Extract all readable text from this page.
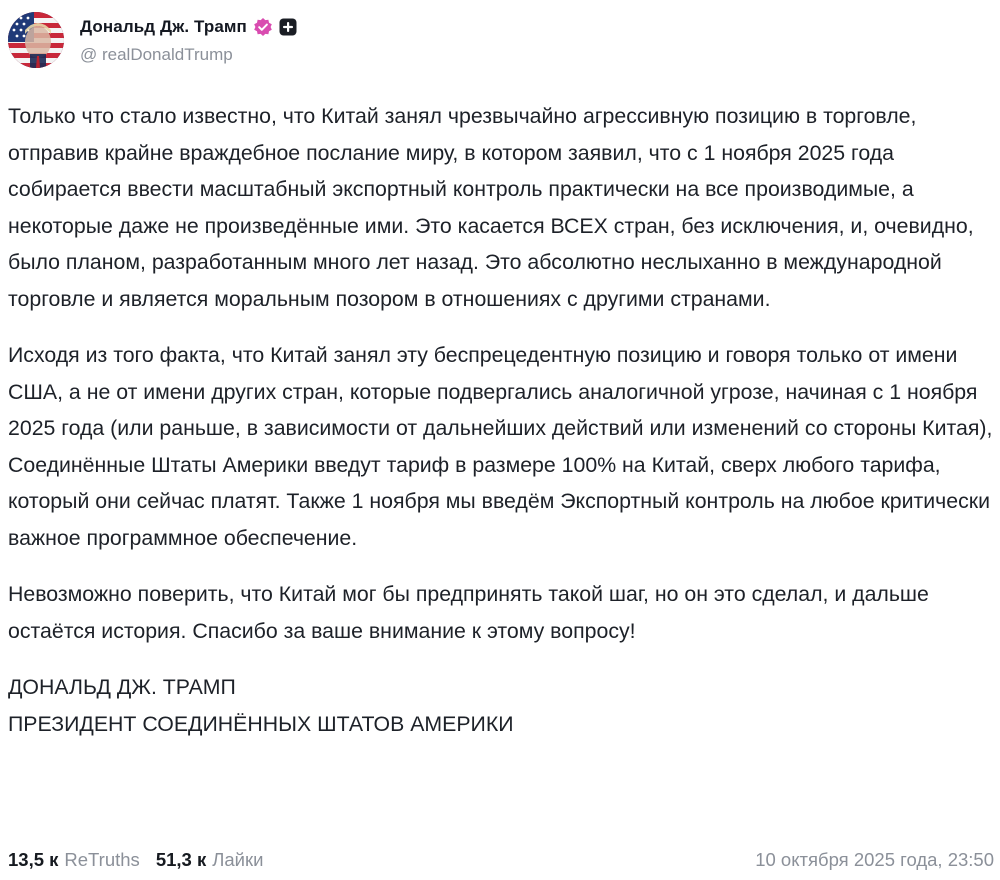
Дональд Дж. Трамп
@ realDonaldTrump

Только что стало известно, что Китай занял чрезвычайно агрессивную позицию в торговле, отправив крайне враждебное послание миру, в котором заявил, что с 1 ноября 2025 года собирается ввести масштабный экспортный контроль практически на все производимые, а некоторые даже не произведённые ими. Это касается ВСЕХ стран, без исключения, и, очевидно, было планом, разработанным много лет назад. Это абсолютно неслыханно в международной торговле и является моральным позором в отношениях с другими странами.

Исходя из того факта, что Китай занял эту беспрецедентную позицию и говоря только от имени США, а не от имени других стран, которые подвергались аналогичной угрозе, начиная с 1 ноября 2025 года (или раньше, в зависимости от дальнейших действий или изменений со стороны Китая), Соединённые Штаты Америки введут тариф в размере 100% на Китай, сверх любого тарифа, который они сейчас платят. Также 1 ноября мы введём Экспортный контроль на любое критически важное программное обеспечение.

Невозможно поверить, что Китай мог бы предпринять такой шаг, но он это сделал, и дальше остаётся история. Спасибо за ваше внимание к этому вопросу!

ДОНАЛЬД ДЖ. ТРАМП
ПРЕЗИДЕНТ СОЕДИНЁННЫХ ШТАТОВ АМЕРИКИ

13,5 к ReTruths 51,3 к Лайки	10 октября 2025 года, 23:50
